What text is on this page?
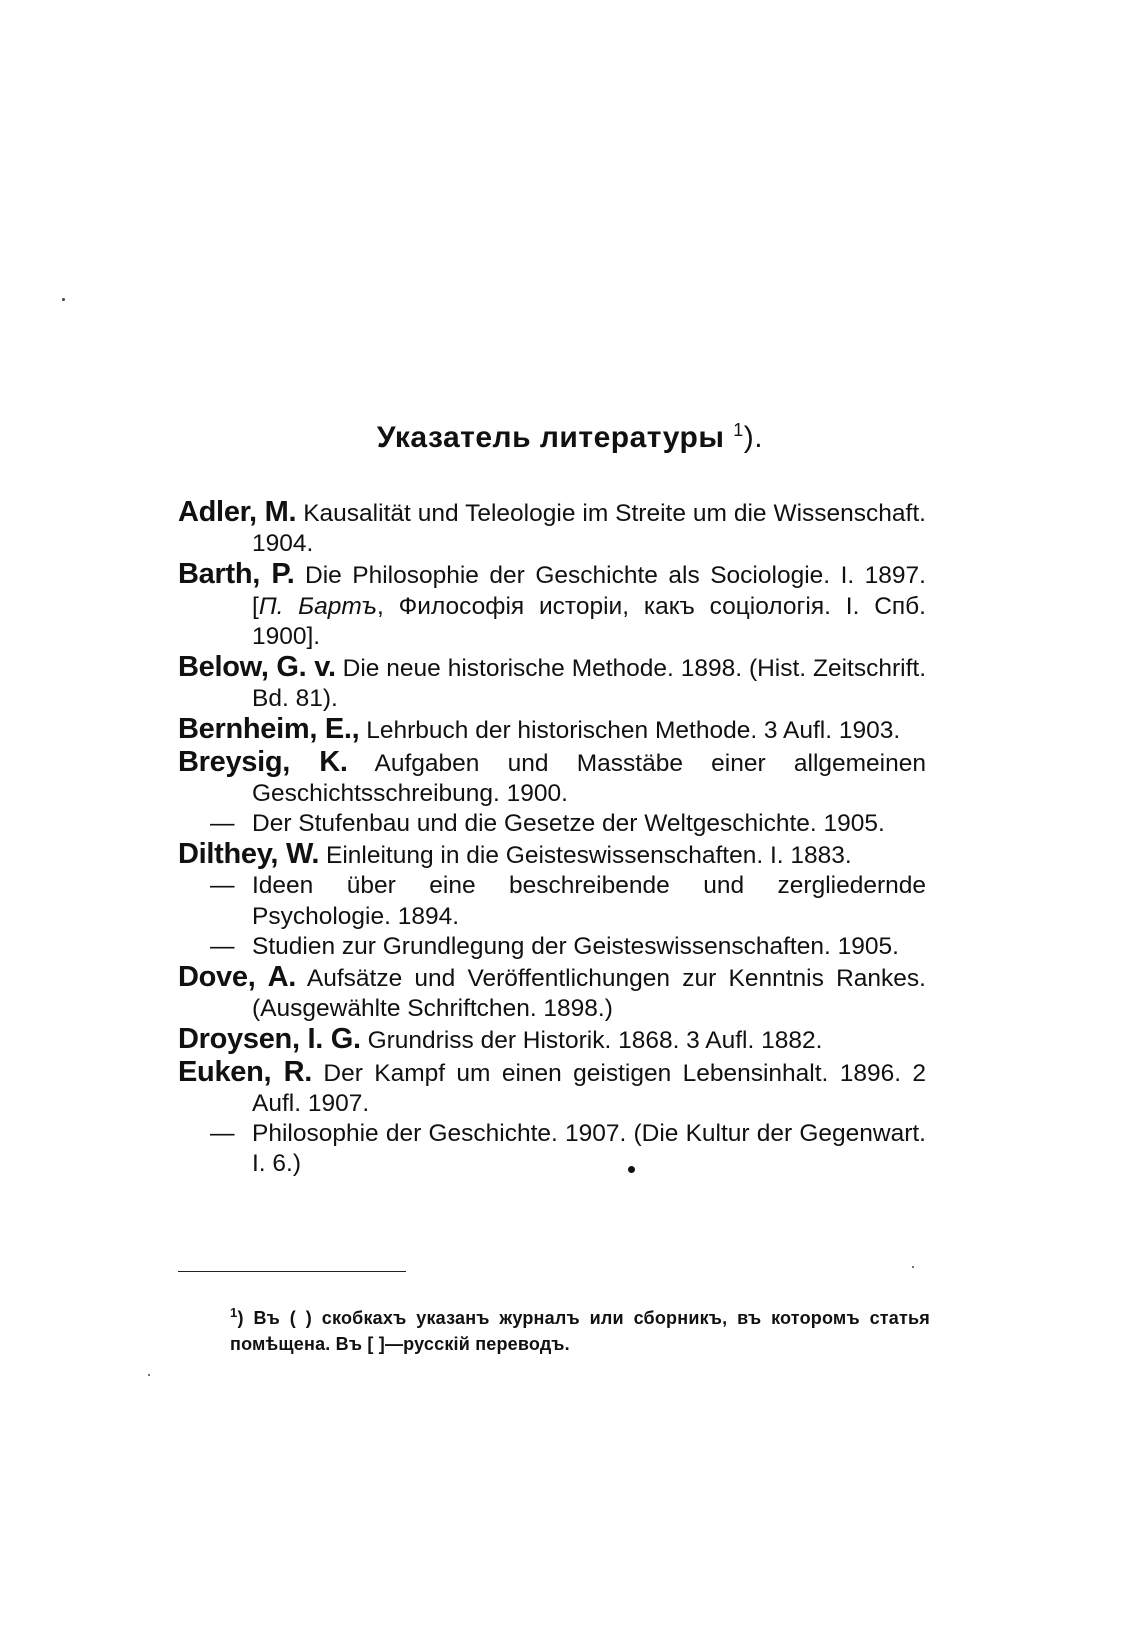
Указатель литературы $^1$).

Adler, M. Kausalität und Teleologie im Streite um die Wissenschaft. 1904.

Barth, P. Die Philosophie der Geschichte als Sociologie. I. 1897. [П. Бартъ, Философія исторіи, какъ соціологія. I. Спб. 1900].

Below, G. v. Die neue historische Methode. 1898. (Hist. Zeitschrift. Bd. 81).

Bernheim, E., Lehrbuch der historischen Methode. 3 Aufl. 1903.

Breysig, K. Aufgaben und Masstäbe einer allgemeinen Geschichtsschreibung. 1900.

— Der Stufenbau und die Gesetze der Weltgeschichte. 1905.

Dilthey, W. Einleitung in die Geisteswissenschaften. I. 1883.

— Ideen über eine beschreibende und zergliedernde Psychologie. 1894.

— Studien zur Grundlegung der Geisteswissenschaften. 1905.

Dove, A. Aufsätze und Veröffentlichungen zur Kenntnis Rankes. (Ausgewählte Schriftchen. 1898.)

Droysen, I. G. Grundriss der Historik. 1868. 3 Aufl. 1882.

Euken, R. Der Kampf um einen geistigen Lebensinhalt. 1896. 2 Aufl. 1907.

— Philosophie der Geschichte. 1907. (Die Kultur der Gegenwart. I. 6.)

$^1$) Въ ( ) скобкахъ указанъ журналъ или сборникъ, въ которомъ статья помѣщена. Въ [ ]—русскій переводъ.
